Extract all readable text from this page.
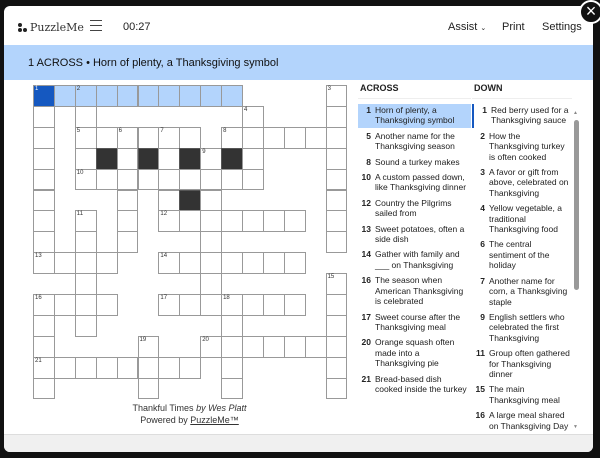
PuzzleMe	00:27	Assist ⌄ Print Settings
1 ACROSS • Horn of plenty, a Thanksgiving symbol
1	2	3
4
5	6	7	8
9
10
11	12
13	14
15
16	17	18
19	20
21
Thankful Times by Wes Platt
Powered by PuzzleMe™
ACROSS
1 Horn of plenty, a Thanksgiving symbol
5 Another name for the Thanksgiving season
8 Sound a turkey makes
10 A custom passed down, like Thanksgiving dinner
12 Country the Pilgrims sailed from
13 Sweet potatoes, often a side dish
14 Gather with family and ___ on Thanksgiving
16 The season when American Thanksgiving is celebrated
17 Sweet course after the Thanksgiving meal
20 Orange squash often made into a Thanksgiving pie
21 Bread-based dish cooked inside the turkey
DOWN
1 Red berry used for a Thanksgiving sauce
2 How the Thanksgiving turkey is often cooked
3 A favor or gift from above, celebrated on Thanksgiving
4 Yellow vegetable, a traditional Thanksgiving food
6 The central sentiment of the holiday
7 Another name for corn, a Thanksgiving staple
9 English settlers who celebrated the first Thanksgiving
11 Group often gathered for Thanksgiving dinner
15 The main Thanksgiving meal
16 A large meal shared on Thanksgiving Day
▲
▼
×
